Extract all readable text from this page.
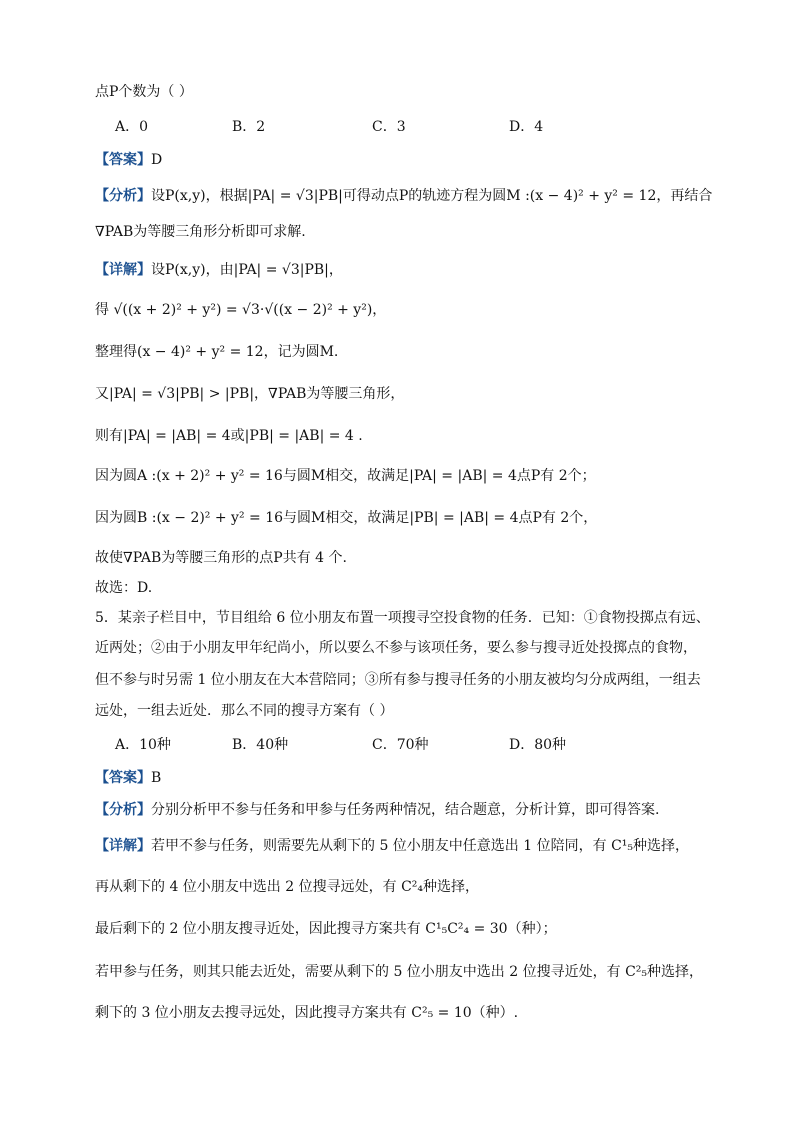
点P个数为（ ）
A．0	B．2	C．3	D．4
【答案】D
【分析】设P(x,y)，根据|PA| = √3|PB|可得动点P的轨迹方程为圆M :(x − 4)² + y² = 12，再结合
∇PAB为等腰三角形分析即可求解.
【详解】设P(x,y)，由|PA| = √3|PB|，
得 √((x + 2)² + y²) = √3·√((x − 2)² + y²)，
整理得(x − 4)² + y² = 12，记为圆M.
又|PA| = √3|PB| > |PB|，∇PAB为等腰三角形，
则有|PA| = |AB| = 4或|PB| = |AB| = 4 .
因为圆A :(x + 2)² + y² = 16与圆M相交，故满足|PA| = |AB| = 4点P有 2个；
因为圆B :(x − 2)² + y² = 16与圆M相交，故满足|PB| = |AB| = 4点P有 2个，
故使∇PAB为等腰三角形的点P共有 4 个.
故选：D.
5．某亲子栏目中，节目组给 6 位小朋友布置一项搜寻空投食物的任务．已知：①食物投掷点有远、
近两处；②由于小朋友甲年纪尚小，所以要么不参与该项任务，要么参与搜寻近处投掷点的食物，
但不参与时另需 1 位小朋友在大本营陪同；③所有参与搜寻任务的小朋友被均匀分成两组，一组去
远处，一组去近处．那么不同的搜寻方案有（ ）
A．10种	B．40种	C．70种	D．80种
【答案】B
【分析】分别分析甲不参与任务和甲参与任务两种情况，结合题意，分析计算，即可得答案.
【详解】若甲不参与任务，则需要先从剩下的 5 位小朋友中任意选出 1 位陪同，有 C¹₅种选择，
再从剩下的 4 位小朋友中选出 2 位搜寻远处，有 C²₄种选择，
最后剩下的 2 位小朋友搜寻近处，因此搜寻方案共有 C¹₅C²₄ = 30（种）；
若甲参与任务，则其只能去近处，需要从剩下的 5 位小朋友中选出 2 位搜寻近处，有 C²₅种选择，
剩下的 3 位小朋友去搜寻远处，因此搜寻方案共有 C²₅ = 10（种）.
